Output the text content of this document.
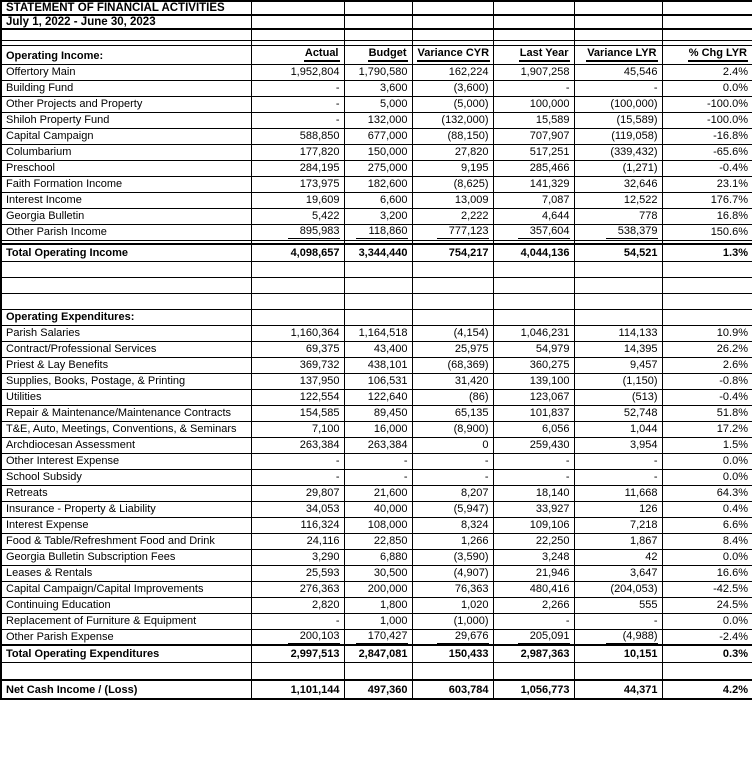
STATEMENT OF FINANCIAL ACTIVITIES						
July 1, 2022 - June 30, 2023						

Operating Income:	Actual	Budget	Variance CYR	Last Year	Variance LYR	% Chg LYR
Offertory Main	1,952,804	1,790,580	162,224	1,907,258	45,546	2.4%
Building Fund	-	3,600	(3,600)	-	-	0.0%
Other Projects and Property	-	5,000	(5,000)	100,000	(100,000)	-100.0%
Shiloh Property Fund	-	132,000	(132,000)	15,589	(15,589)	-100.0%
Capital Campaign	588,850	677,000	(88,150)	707,907	(119,058)	-16.8%
Columbarium	177,820	150,000	27,820	517,251	(339,432)	-65.6%
Preschool	284,195	275,000	9,195	285,466	(1,271)	-0.4%
Faith Formation Income	173,975	182,600	(8,625)	141,329	32,646	23.1%
Interest Income	19,609	6,600	13,009	7,087	12,522	176.7%
Georgia Bulletin	5,422	3,200	2,222	4,644	778	16.8%
Other Parish Income	895,983	118,860	777,123	357,604	538,379	150.6%

Total Operating Income	4,098,657	3,344,440	754,217	4,044,136	54,521	1.3%

Operating Expenditures:						
Parish Salaries	1,160,364	1,164,518	(4,154)	1,046,231	114,133	10.9%
Contract/Professional Services	69,375	43,400	25,975	54,979	14,395	26.2%
Priest & Lay Benefits	369,732	438,101	(68,369)	360,275	9,457	2.6%
Supplies, Books, Postage, & Printing	137,950	106,531	31,420	139,100	(1,150)	-0.8%
Utilities	122,554	122,640	(86)	123,067	(513)	-0.4%
Repair & Maintenance/Maintenance Contracts	154,585	89,450	65,135	101,837	52,748	51.8%
T&E, Auto, Meetings, Conventions, & Seminars	7,100	16,000	(8,900)	6,056	1,044	17.2%
Archdiocesan Assessment	263,384	263,384	0	259,430	3,954	1.5%
Other Interest Expense	-	-	-	-	-	0.0%
School Subsidy	-	-	-	-	-	0.0%
Retreats	29,807	21,600	8,207	18,140	11,668	64.3%
Insurance - Property & Liability	34,053	40,000	(5,947)	33,927	126	0.4%
Interest Expense	116,324	108,000	8,324	109,106	7,218	6.6%
Food & Table/Refreshment Food and Drink	24,116	22,850	1,266	22,250	1,867	8.4%
Georgia Bulletin Subscription Fees	3,290	6,880	(3,590)	3,248	42	0.0%
Leases & Rentals	25,593	30,500	(4,907)	21,946	3,647	16.6%
Capital Campaign/Capital Improvements	276,363	200,000	76,363	480,416	(204,053)	-42.5%
Continuing Education	2,820	1,800	1,020	2,266	555	24.5%
Replacement of Furniture & Equipment	-	1,000	(1,000)	-	-	0.0%
Other Parish Expense	200,103	170,427	29,676	205,091	(4,988)	-2.4%
Total Operating Expenditures	2,997,513	2,847,081	150,433	2,987,363	10,151	0.3%

Net Cash Income / (Loss)	1,101,144	497,360	603,784	1,056,773	44,371	4.2%
